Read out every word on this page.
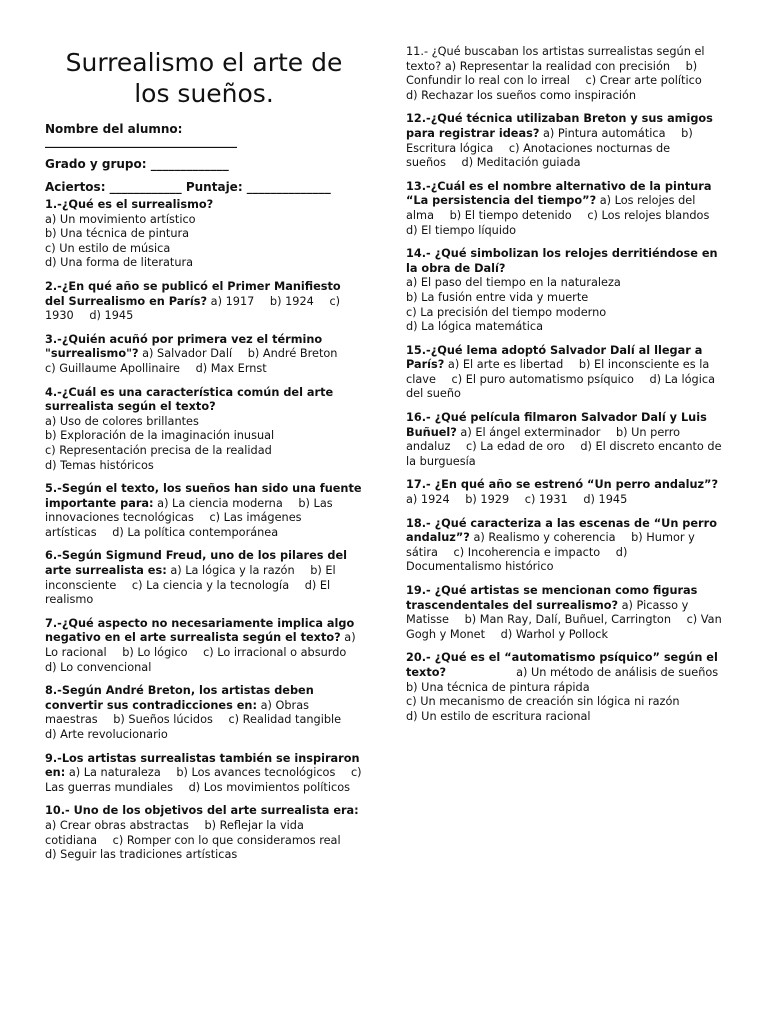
Surrealismo el arte de los sueños.
Nombre del alumno:
________________________________
Grado y grupo: _____________
Aciertos: ____________ Puntaje: ______________
1.-¿Qué es el surrealismo?

a) Un movimiento artístico
b) Una técnica de pintura
c) Un estilo de música
d) Una forma de literatura
2.-¿En qué año se publicó el Primer Manifiesto del Surrealismo en París? a) 1917 b) 1924 c) 1930 d) 1945
3.-¿Quién acuñó por primera vez el término "surrealismo"? a) Salvador Dalí b) André Breton c) Guillaume Apollinaire d) Max Ernst
4.-¿Cuál es una característica común del arte surrealista según el texto?

a) Uso de colores brillantes
b) Exploración de la imaginación inusual
c) Representación precisa de la realidad
d) Temas históricos
5.-Según el texto, los sueños han sido una fuente importante para: a) La ciencia moderna b) Las innovaciones tecnológicas c) Las imágenes artísticas d) La política contemporánea
6.-Según Sigmund Freud, uno de los pilares del arte surrealista es: a) La lógica y la razón b) El inconsciente c) La ciencia y la tecnología d) El realismo
7.-¿Qué aspecto no necesariamente implica algo negativo en el arte surrealista según el texto? a) Lo racional b) Lo lógico c) Lo irracional o absurdo d) Lo convencional
8.-Según André Breton, los artistas deben convertir sus contradicciones en: a) Obras maestras b) Sueños lúcidos c) Realidad tangible d) Arte revolucionario
9.-Los artistas surrealistas también se inspiraron en: a) La naturaleza b) Los avances tecnológicos c) Las guerras mundiales d) Los movimientos políticos
10.- Uno de los objetivos del arte surrealista era: a) Crear obras abstractas b) Reflejar la vida cotidiana c) Romper con lo que consideramos real d) Seguir las tradiciones artísticas
11.- ¿Qué buscaban los artistas surrealistas según el texto? a) Representar la realidad con precisión b) Confundir lo real con lo irreal c) Crear arte político d) Rechazar los sueños como inspiración
12.-¿Qué técnica utilizaban Breton y sus amigos para registrar ideas? a) Pintura automática b) Escritura lógica c) Anotaciones nocturnas de sueños d) Meditación guiada
13.-¿Cuál es el nombre alternativo de la pintura “La persistencia del tiempo”? a) Los relojes del alma b) El tiempo detenido c) Los relojes blandos d) El tiempo líquido
14.- ¿Qué simbolizan los relojes derritiéndose en la obra de Dalí?

a) El paso del tiempo en la naturaleza
b) La fusión entre vida y muerte
c) La precisión del tiempo moderno
d) La lógica matemática
15.-¿Qué lema adoptó Salvador Dalí al llegar a París? a) El arte es libertad b) El inconsciente es la clave c) El puro automatismo psíquico d) La lógica del sueño
16.- ¿Qué película filmaron Salvador Dalí y Luis Buñuel? a) El ángel exterminador b) Un perro andaluz c) La edad de oro d) El discreto encanto de la burguesía
17.- ¿En qué año se estrenó “Un perro andaluz”? a) 1924 b) 1929 c) 1931 d) 1945
18.- ¿Qué caracteriza a las escenas de “Un perro andaluz”? a) Realismo y coherencia b) Humor y sátira c) Incoherencia e impacto d) Documentalismo histórico
19.- ¿Qué artistas se mencionan como figuras trascendentales del surrealismo? a) Picasso y Matisse b) Man Ray, Dalí, Buñuel, Carrington c) Van Gogh y Monet d) Warhol y Pollock
20.- ¿Qué es el “automatismo psíquico” según el texto?	a) Un método de análisis de sueños

b) Una técnica de pintura rápida
c) Un mecanismo de creación sin lógica ni razón
d) Un estilo de escritura racional
